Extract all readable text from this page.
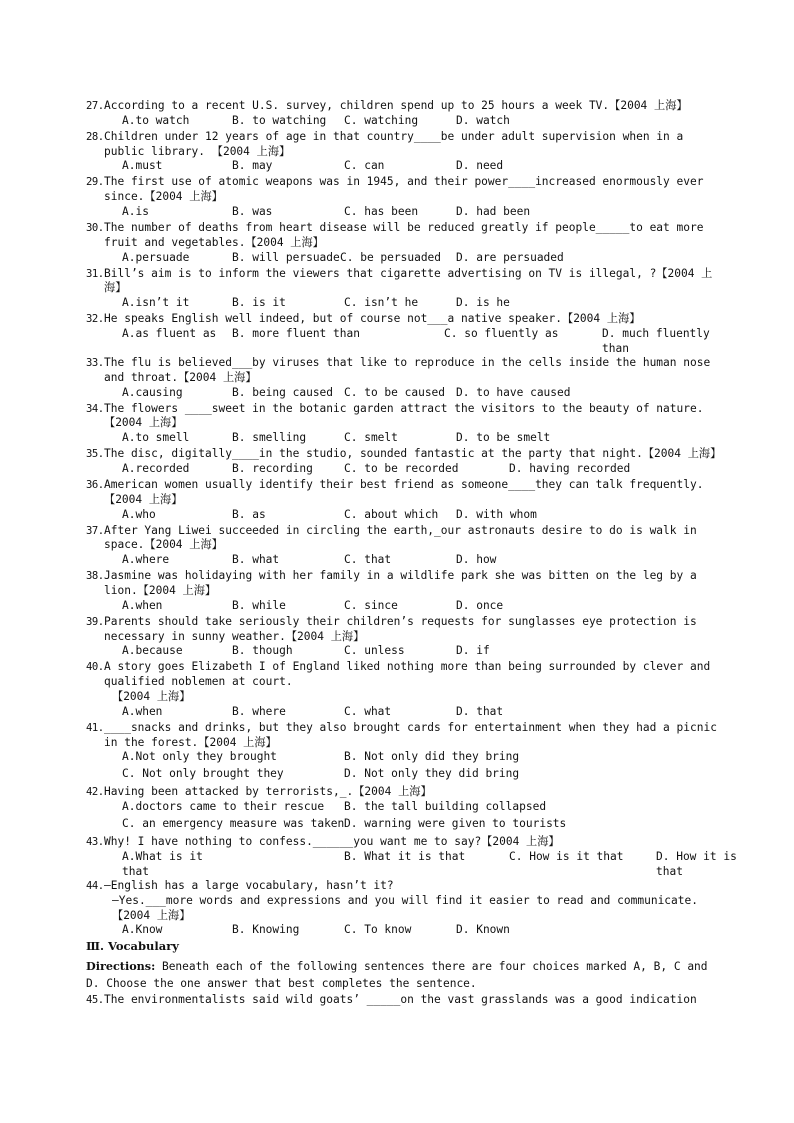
27. According to a recent U.S. survey, children spend up to 25 hours a week TV.【2004 上海】
A.to watch	B. to watching C. watching	D. watch
28. Children under 12 years of age in that country____be under adult supervision when in a public library. 【2004 上海】
A.must	B. may	C. can	D. need
29. The first use of atomic weapons was in 1945, and their power____increased enormously ever since.【2004 上海】
A.is	B. was	C. has been	D. had been
30. The number of deaths from heart disease will be reduced greatly if people_____to eat more fruit and vegetables.【2004 上海】
A.persuade	B. will persuade C. be persuaded D. are persuaded
31. Bill’s aim is to inform the viewers that cigarette advertising on TV is illegal, ?【2004 上海】
A.isn’t it	B. is it	C. isn’t he	D. is he
32. He speaks English well indeed, but of course not___a native speaker.【2004 上海】
A.as fluent as B. more fluent than	C. so fluently as	D. much fluently than
33. The flu is believed___by viruses that like to reproduce in the cells inside the human nose and throat.【2004 上海】
A.causing	B. being caused C. to be caused D. to have caused
34. The flowers ____sweet in the botanic garden attract the visitors to the beauty of nature.【2004 上海】
A.to smell	B. smelling	C. smelt	D. to be smelt
35. The disc, digitally____in the studio, sounded fantastic at the party that night.【2004 上海】
A.recorded	B. recording	C. to be recorded	D. having recorded
36. American women usually identify their best friend as someone____they can talk frequently.【2004 上海】
A.who	B. as	C. about which D. with whom
37. After Yang Liwei succeeded in circling the earth,_our astronauts desire to do is walk in space.【2004 上海】
A.where	B. what	C. that	D. how
38. Jasmine was holidaying with her family in a wildlife park she was bitten on the leg by a lion.【2004 上海】
A.when	B. while	C. since	D. once
39. Parents should take seriously their children’s requests for sunglasses eye protection is necessary in sunny weather.【2004 上海】
A.because	B. though	C. unless	D. if
40. A story goes Elizabeth I of England liked nothing more than being surrounded by clever and qualified noblemen at court.
【2004 上海】
A.when	B. where	C. what	D. that
41. ____snacks and drinks, but they also brought cards for entertainment when they had a picnic in the forest.【2004 上海】
A.Not only they brought	B. Not only did they bring
C. Not only brought they	D. Not only they did bring
42. Having been attacked by terrorists,_.【2004 上海】
A.doctors came to their rescue B. the tall building collapsed
C. an emergency measure was taken D. warning were given to tourists
43. Why! I have nothing to confess.______you want me to say?【2004 上海】
A.What is it that
B. What it is that	C. How is it that	D. How it is that
44. —English has a large vocabulary, hasn’t it?
—Yes.___more words and expressions and you will find it easier to read and communicate.【2004 上海】
A.Know	B. Knowing	C. To know	D. Known
Ⅲ. Vocabulary
Directions: Beneath each of the following sentences there are four choices marked A, B, C and D. Choose the one answer that best completes the sentence.
45. The environmentalists said wild goats’ _____on the vast grasslands was a good indication
